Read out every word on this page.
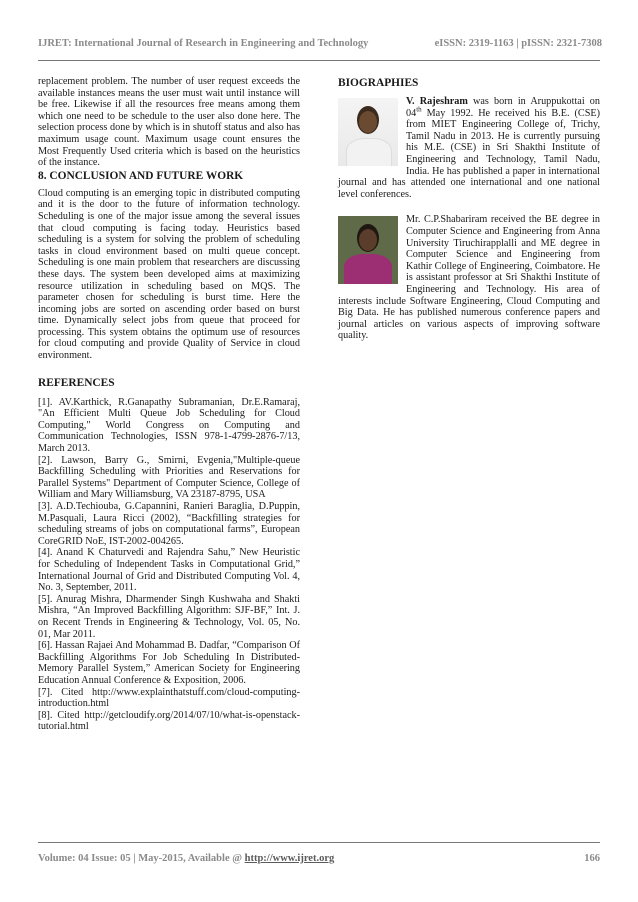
IJRET: International Journal of Research in Engineering and Technology	eISSN: 2319-1163 | pISSN: 2321-7308

replacement problem. The number of user request exceeds the available instances means the user must wait until instance will be free. Likewise if all the resources free means among them which one need to be schedule to the user also done here. The selection process done by which is in shutoff status and also has maximum usage count. Maximum usage count ensures the Most Frequently Used criteria which is based on the heuristics of the instance.

8. CONCLUSION AND FUTURE WORK

Cloud computing is an emerging topic in distributed computing and it is the door to the future of information technology. Scheduling is one of the major issue among the several issues that cloud computing is facing today. Heuristics based scheduling is a system for solving the problem of scheduling tasks in cloud environment based on multi queue concept. Scheduling is one main problem that researchers are discussing these days. The system been developed aims at maximizing resource utilization in scheduling based on MQS. The parameter chosen for scheduling is burst time. Here the incoming jobs are sorted on ascending order based on burst time. Dynamically select jobs from queue that proceed for processing. This system obtains the optimum use of resources for cloud computing and provide Quality of Service in cloud environment.

REFERENCES

[1]. AV.Karthick, R.Ganapathy Subramanian, Dr.E.Ramaraj, "An Efficient Multi Queue Job Scheduling for Cloud Computing," World Congress on Computing and Communication Technologies, ISSN 978-1-4799-2876-7/13, March 2013.

[2]. Lawson, Barry G., Smirni, Evgenia,"Multiple-queue Backfilling Scheduling with Priorities and Reservations for Parallel Systems" Department of Computer Science, College of William and Mary Williamsburg, VA 23187-8795, USA

[3]. A.D.Techiouba, G.Capannini, Ranieri Baraglia, D.Puppin, M.Pasquali, Laura Ricci (2002), “Backfilling strategies for scheduling streams of jobs on computational farms”, European CoreGRID NoE, IST-2002-004265.

[4]. Anand K Chaturvedi and Rajendra Sahu,” New Heuristic for Scheduling of Independent Tasks in Computational Grid,” International Journal of Grid and Distributed Computing Vol. 4, No. 3, September, 2011.

[5]. Anurag Mishra, Dharmender Singh Kushwaha and Shakti Mishra, “An Improved Backfilling Algorithm: SJF-BF,” Int. J. on Recent Trends in Engineering & Technology, Vol. 05, No. 01, Mar 2011.

[6]. Hassan Rajaei And Mohammad B. Dadfar, “Comparison Of Backfilling Algorithms For Job Scheduling In Distributed-Memory Parallel System,” American Society for Engineering Education Annual Conference & Exposition, 2006.

[7]. Cited http://www.explainthatstuff.com/cloud-computing-introduction.html

[8]. Cited http://getcloudify.org/2014/07/10/what-is-openstack-tutorial.html

BIOGRAPHIES

V. Rajeshram was born in Aruppukottai on 04th May 1992. He received his B.E. (CSE) from MIET Engineering College of, Trichy, Tamil Nadu in 2013. He is currently pursuing his M.E. (CSE) in Sri Shakthi Institute of Engineering and Technology, Tamil Nadu, India. He has published a paper in international journal and has attended one international and one national level conferences.

Mr. C.P.Shabariram received the BE degree in Computer Science and Engineering from Anna University Tiruchirapplalli and ME degree in Computer Science and Engineering from Kathir College of Engineering, Coimbatore. He is assistant professor at Sri Shakthi Institute of Engineering and Technology. His area of interests include Software Engineering, Cloud Computing and Big Data. He has published numerous conference papers and journal articles on various aspects of improving software quality.

Volume: 04 Issue: 05 | May-2015, Available @ http://www.ijret.org	166
